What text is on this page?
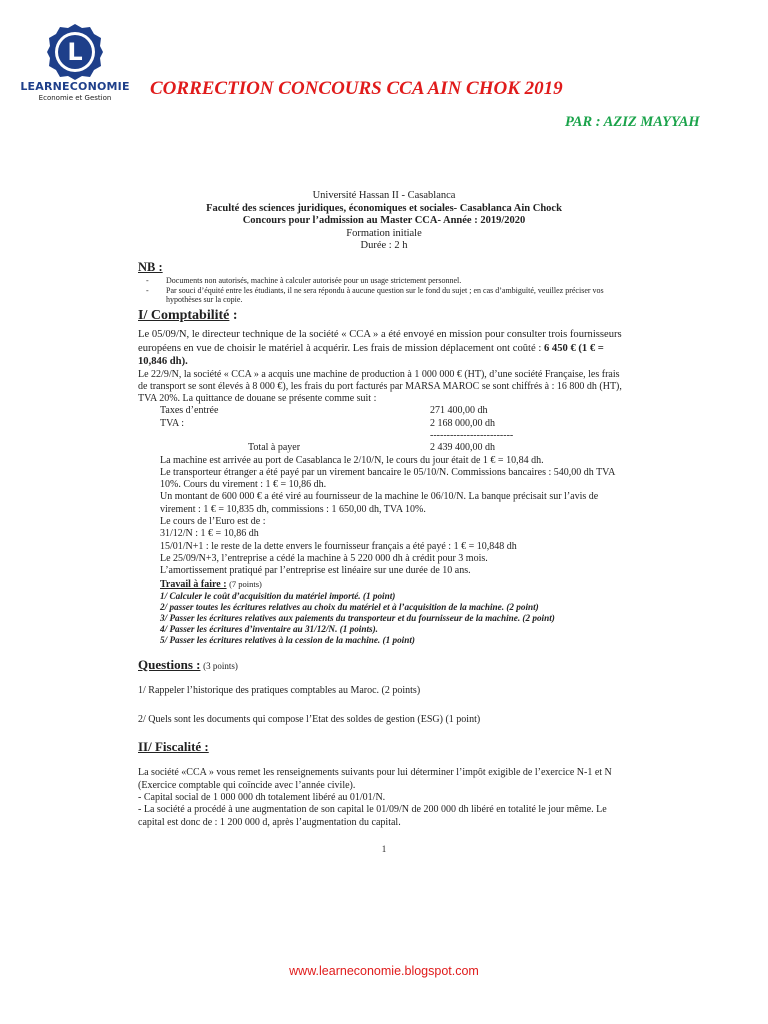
L
LEARNECONOMIE
Economie et Gestion	CORRECTION CONCOURS CCA AIN CHOK 2019
PAR : AZIZ MAYYAH
Université Hassan II - Casablanca
Faculté des sciences juridiques, économiques et sociales- Casablanca Ain Chock
Concours pour l’admission au Master CCA- Année : 2019/2020
Formation initiale
Durée : 2 h
NB :
- Documents non autorisés, machine à calculer autorisée pour un usage strictement personnel.
- Par souci d’équité entre les étudiants, il ne sera répondu à aucune question sur le fond du sujet ; en cas d’ambiguïté, veuillez préciser vos hypothèses sur la copie.
I/ Comptabilité :

Le 05/09/N, le directeur technique de la société « CCA » a été envoyé en mission pour consulter trois fournisseurs européens en vue de choisir le matériel à acquérir. Les frais de mission déplacement ont coûté : 6 450 € (1 € = 10,846 dh).

Le 22/9/N, la société « CCA » a acquis une machine de production à 1 000 000 € (HT), d’une société Française, les frais de transport se sont élevés à 8 000 €), les frais du port facturés par MARSA MAROC se sont chiffrés à : 16 800 dh (HT), TVA 20%. La quittance de douane se présente comme suit :

Taxes d’entrée	271 400,00 dh
TVA :	2 168 000,00 dh
-------------------------
Total à payer	2 439 400,00 dh

La machine est arrivée au port de Casablanca le 2/10/N, le cours du jour était de 1 € = 10,84 dh.

Le transporteur étranger a été payé par un virement bancaire le 05/10/N. Commissions bancaires : 540,00 dh TVA 10%. Cours du virement : 1 € = 10,86 dh.

Un montant de 600 000 € a été viré au fournisseur de la machine le 06/10/N. La banque précisait sur l’avis de virement : 1 € = 10,835 dh, commissions : 1 650,00 dh, TVA 10%.

Le cours de l’Euro est de :

31/12/N : 1 € = 10,86 dh

15/01/N+1 : le reste de la dette envers le fournisseur français a été payé : 1 € = 10,848 dh

Le 25/09/N+3, l’entreprise a cédé la machine à 5 220 000 dh à crédit pour 3 mois.

L’amortissement pratiqué par l’entreprise est linéaire sur une durée de 10 ans.

Travail à faire : (7 points)

1/ Calculer le coût d’acquisition du matériel importé. (1 point)

2/ passer toutes les écritures relatives au choix du matériel et à l’acquisition de la machine. (2 point)

3/ Passer les écritures relatives aux paiements du transporteur et du fournisseur de la machine. (2 point)

4/ Passer les écritures d’inventaire au 31/12/N. (1 points).

5/ Passer les écritures relatives à la cession de la machine. (1 point)

Questions : (3 points)

1/ Rappeler l’historique des pratiques comptables au Maroc. (2 points)

2/ Quels sont les documents qui compose l’Etat des soldes de gestion (ESG) (1 point)

II/ Fiscalité :

La société «CCA » vous remet les renseignements suivants pour lui déterminer l’impôt exigible de l’exercice N-1 et N (Exercice comptable qui coïncide avec l’année civile).

- Capital social de 1 000 000 dh totalement libéré au 01/01/N.

- La société a procédé à une augmentation de son capital le 01/09/N de 200 000 dh libéré en totalité le jour même. Le capital est donc de : 1 200 000 d, après l’augmentation du capital.

1
www.learneconomie.blogspot.com
